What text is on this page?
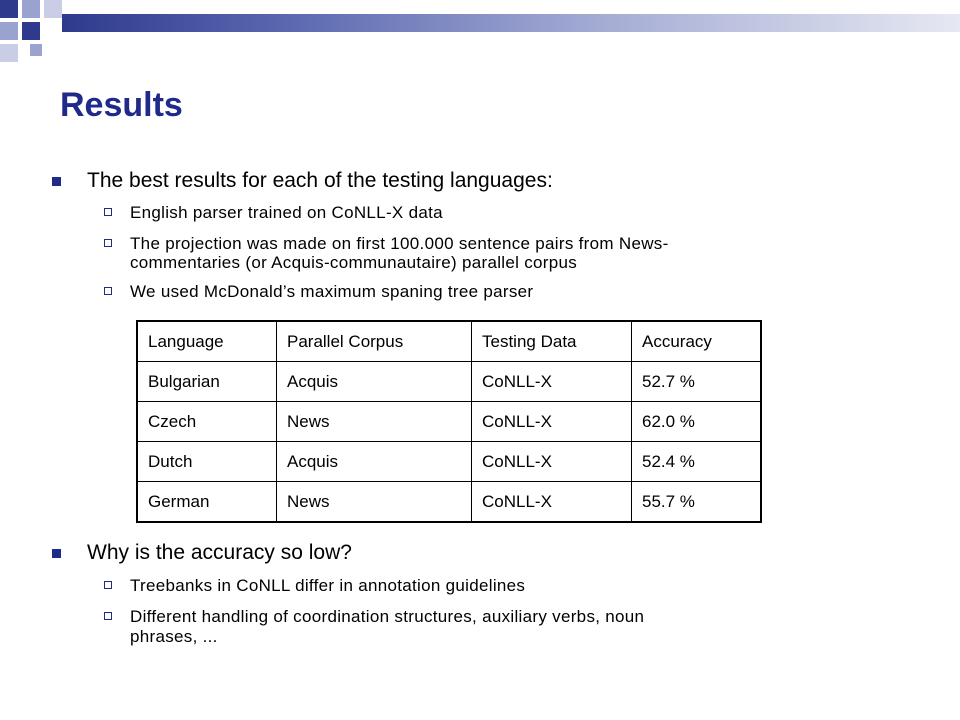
Results
The best results for each of the testing languages:
English parser trained on CoNLL-X data
The projection was made on first 100.000 sentence pairs from News-
commentaries (or Acquis-communautaire) parallel corpus
We used McDonald’s maximum spaning tree parser
Language	Parallel Corpus	Testing Data	Accuracy
Bulgarian	Acquis	CoNLL-X	52.7 %
Czech	News	CoNLL-X	62.0 %
Dutch	Acquis	CoNLL-X	52.4 %
German	News	CoNLL-X	55.7 %
Why is the accuracy so low?
Treebanks in CoNLL differ in annotation guidelines
Different handling of coordination structures, auxiliary verbs, noun
phrases, ...
